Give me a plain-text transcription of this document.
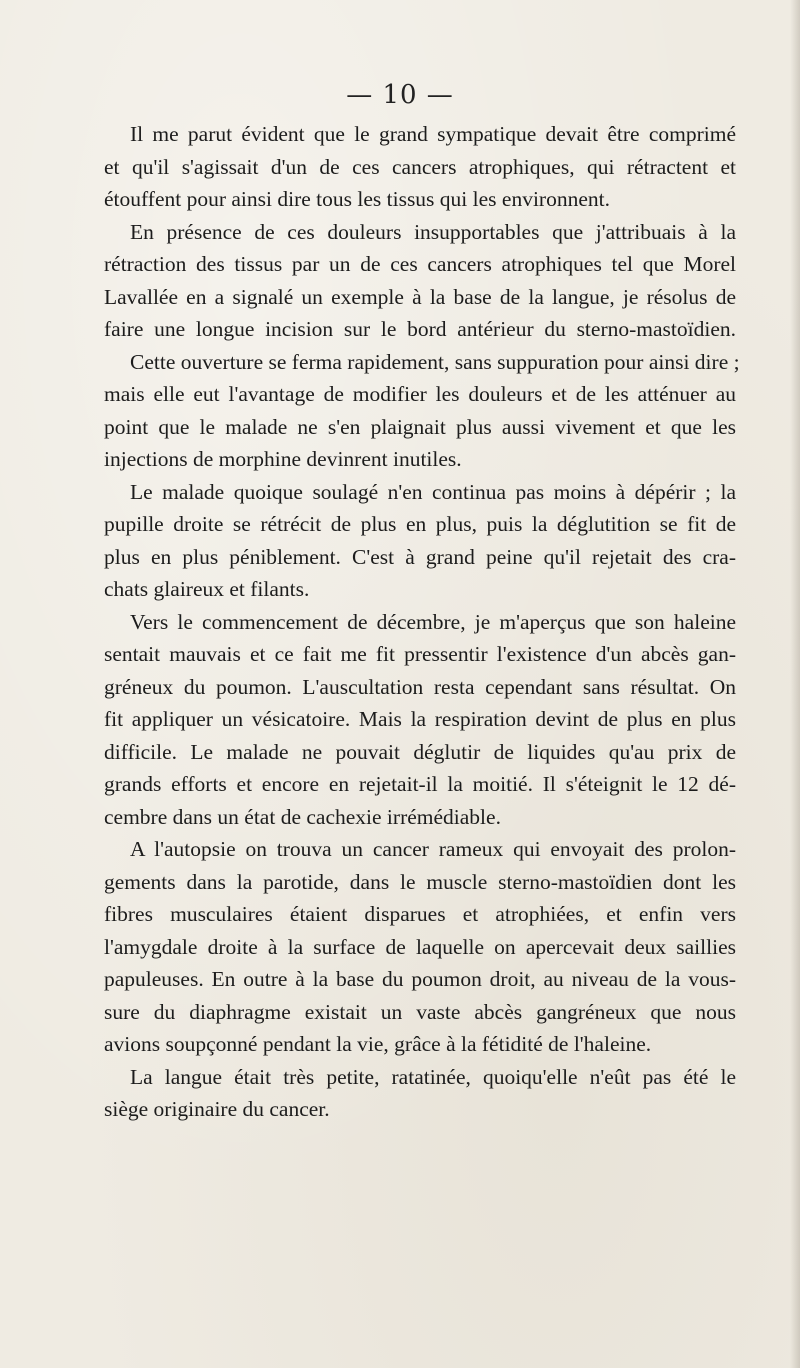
— 10 —
Il me parut évident que le grand sympatique devait être comprimé
et qu'il s'agissait d'un de ces cancers atrophiques, qui rétractent et
étouffent pour ainsi dire tous les tissus qui les environnent.
En présence de ces douleurs insupportables que j'attribuais à la
rétraction des tissus par un de ces cancers atrophiques tel que Morel
Lavallée en a signalé un exemple à la base de la langue, je résolus de
faire une longue incision sur le bord antérieur du sterno-mastoïdien.
Cette ouverture se ferma rapidement, sans suppuration pour ainsi dire ;
mais elle eut l'avantage de modifier les douleurs et de les atténuer au
point que le malade ne s'en plaignait plus aussi vivement et que les
injections de morphine devinrent inutiles.
Le malade quoique soulagé n'en continua pas moins à dépérir ; la
pupille droite se rétrécit de plus en plus, puis la déglutition se fit de
plus en plus péniblement. C'est à grand peine qu'il rejetait des cra-
chats glaireux et filants.
Vers le commencement de décembre, je m'aperçus que son haleine
sentait mauvais et ce fait me fit pressentir l'existence d'un abcès gan-
gréneux du poumon. L'auscultation resta cependant sans résultat. On
fit appliquer un vésicatoire. Mais la respiration devint de plus en plus
difficile. Le malade ne pouvait déglutir de liquides qu'au prix de
grands efforts et encore en rejetait-il la moitié. Il s'éteignit le 12 dé-
cembre dans un état de cachexie irrémédiable.
A l'autopsie on trouva un cancer rameux qui envoyait des prolon-
gements dans la parotide, dans le muscle sterno-mastoïdien dont les
fibres musculaires étaient disparues et atrophiées, et enfin vers
l'amygdale droite à la surface de laquelle on apercevait deux saillies
papuleuses. En outre à la base du poumon droit, au niveau de la vous-
sure du diaphragme existait un vaste abcès gangréneux que nous
avions soupçonné pendant la vie, grâce à la fétidité de l'haleine.
La langue était très petite, ratatinée, quoiqu'elle n'eût pas été le
siège originaire du cancer.
